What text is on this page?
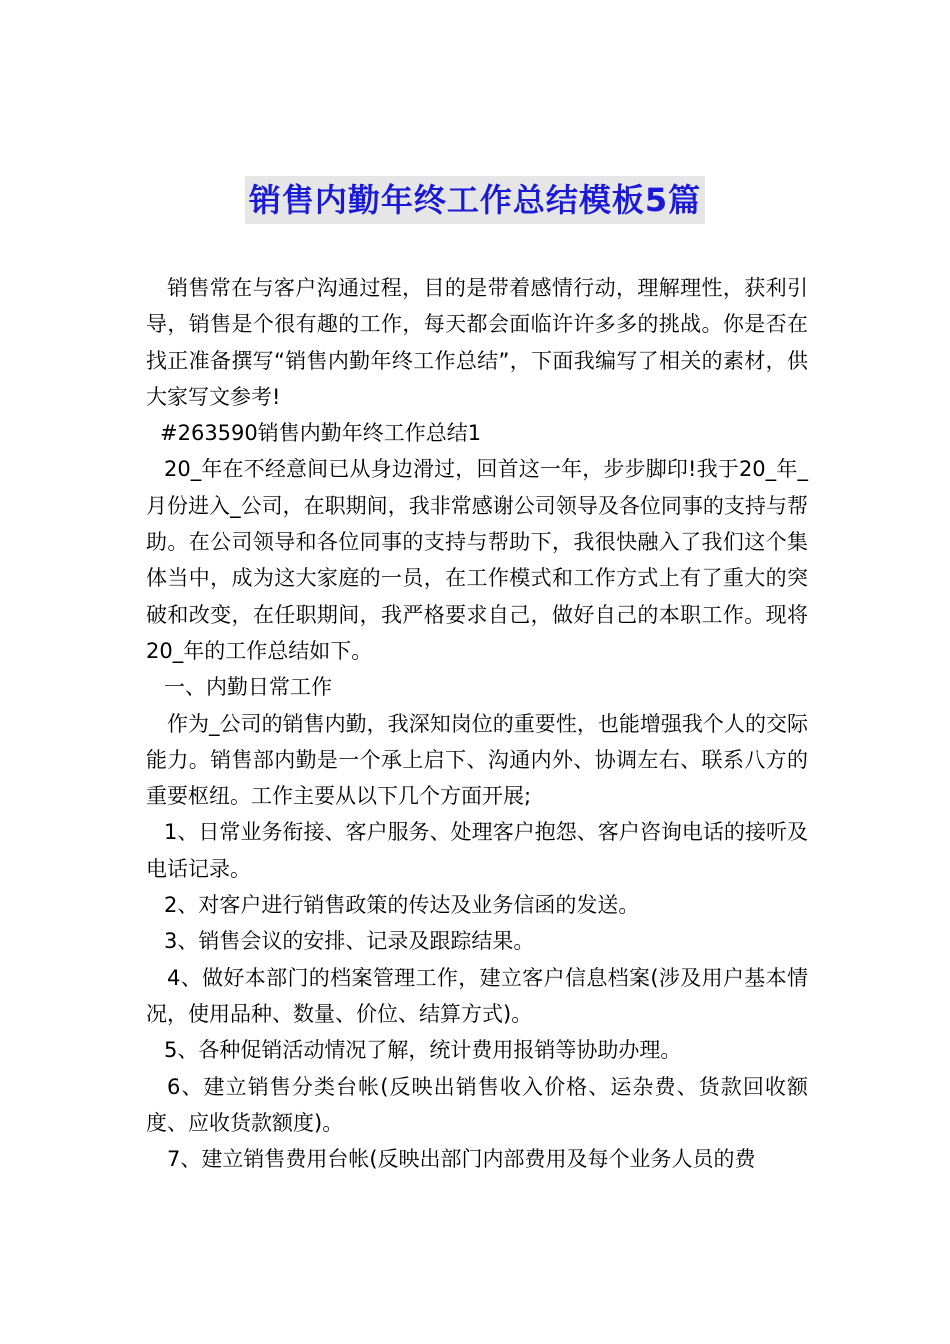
销售内勤年终工作总结模板5篇

销售常在与客户沟通过程，目的是带着感情行动，理解理性，获利引导，销售是个很有趣的工作，每天都会面临许许多多的挑战。你是否在找正准备撰写“销售内勤年终工作总结”，下面我编写了相关的素材，供大家写文参考!

#263590销售内勤年终工作总结1

20_年在不经意间已从身边滑过，回首这一年，步步脚印!我于20_年_月份进入_公司，在职期间，我非常感谢公司领导及各位同事的支持与帮助。在公司领导和各位同事的支持与帮助下，我很快融入了我们这个集体当中，成为这大家庭的一员，在工作模式和工作方式上有了重大的突破和改变，在任职期间，我严格要求自己，做好自己的本职工作。现将20_年的工作总结如下。

一、内勤日常工作

作为_公司的销售内勤，我深知岗位的重要性，也能增强我个人的交际能力。销售部内勤是一个承上启下、沟通内外、协调左右、联系八方的重要枢纽。工作主要从以下几个方面开展;

1、日常业务衔接、客户服务、处理客户抱怨、客户咨询电话的接听及电话记录。

2、对客户进行销售政策的传达及业务信函的发送。

3、销售会议的安排、记录及跟踪结果。

4、做好本部门的档案管理工作，建立客户信息档案(涉及用户基本情况，使用品种、数量、价位、结算方式)。

5、各种促销活动情况了解，统计费用报销等协助办理。

6、建立销售分类台帐(反映出销售收入价格、运杂费、货款回收额度、应收货款额度)。

7、建立销售费用台帐(反映出部门内部费用及每个业务人员的费
